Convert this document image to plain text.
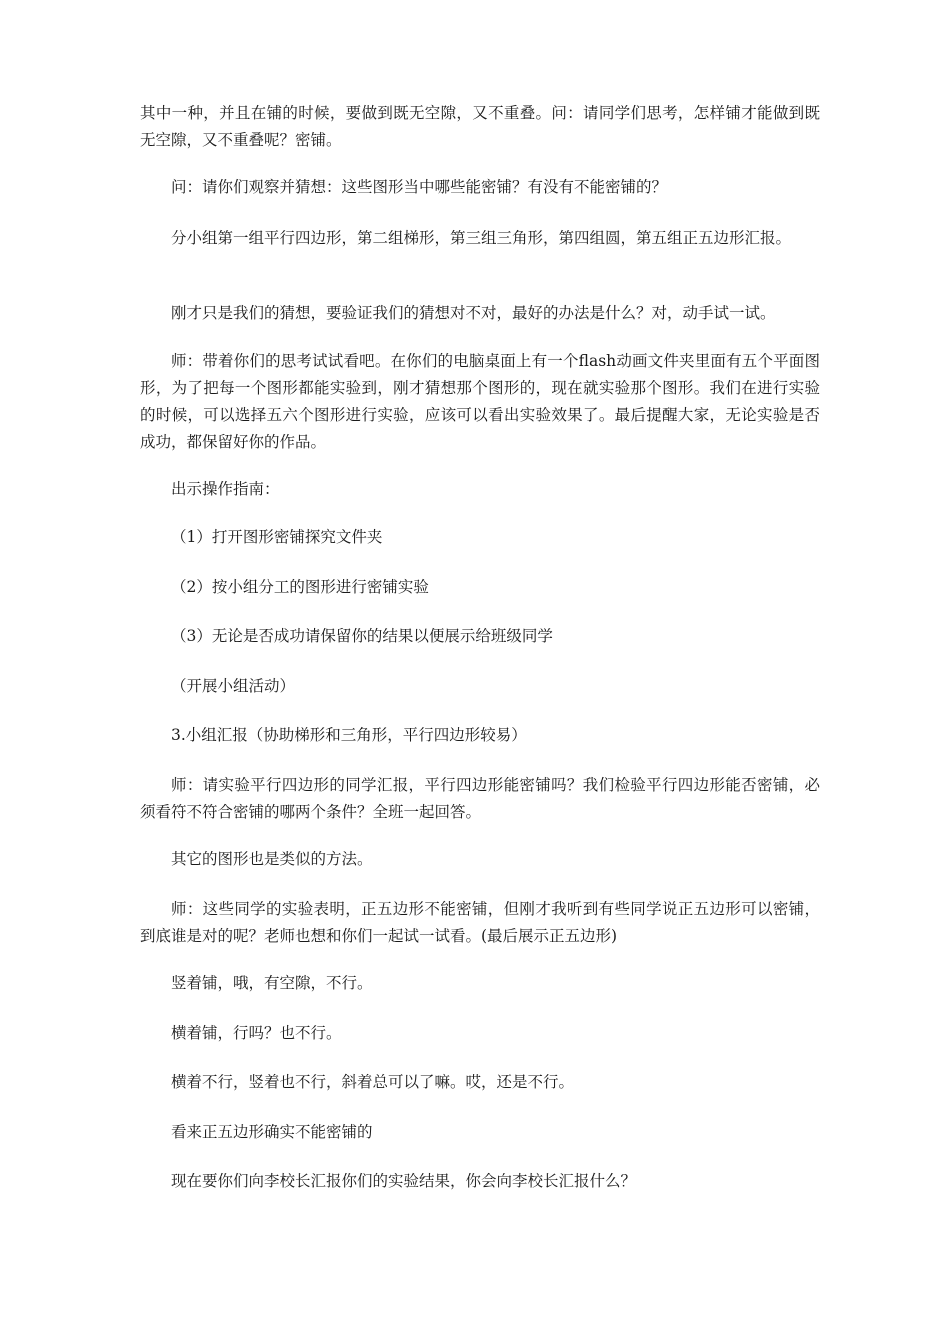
其中一种，并且在铺的时候，要做到既无空隙，又不重叠。问：请同学们思考，怎样铺才能做到既无空隙，又不重叠呢？密铺。

问：请你们观察并猜想：这些图形当中哪些能密铺？有没有不能密铺的？

分小组第一组平行四边形，第二组梯形，第三组三角形，第四组圆，第五组正五边形汇报。

刚才只是我们的猜想，要验证我们的猜想对不对，最好的办法是什么？对，动手试一试。

师：带着你们的思考试试看吧。在你们的电脑桌面上有一个flash动画文件夹里面有五个平面图形，为了把每一个图形都能实验到，刚才猜想那个图形的，现在就实验那个图形。我们在进行实验的时候，可以选择五六个图形进行实验，应该可以看出实验效果了。最后提醒大家，无论实验是否成功，都保留好你的作品。

出示操作指南：

（1）打开图形密铺探究文件夹

（2）按小组分工的图形进行密铺实验

（3）无论是否成功请保留你的结果以便展示给班级同学

（开展小组活动）

3.小组汇报（协助梯形和三角形，平行四边形较易）

师：请实验平行四边形的同学汇报，平行四边形能密铺吗？我们检验平行四边形能否密铺，必须看符不符合密铺的哪两个条件？全班一起回答。

其它的图形也是类似的方法。

师：这些同学的实验表明，正五边形不能密铺，但刚才我听到有些同学说正五边形可以密铺，到底谁是对的呢？老师也想和你们一起试一试看。(最后展示正五边形)

竖着铺，哦，有空隙，不行。

横着铺，行吗？也不行。

横着不行，竖着也不行，斜着总可以了嘛。哎，还是不行。

看来正五边形确实不能密铺的

现在要你们向李校长汇报你们的实验结果，你会向李校长汇报什么？
